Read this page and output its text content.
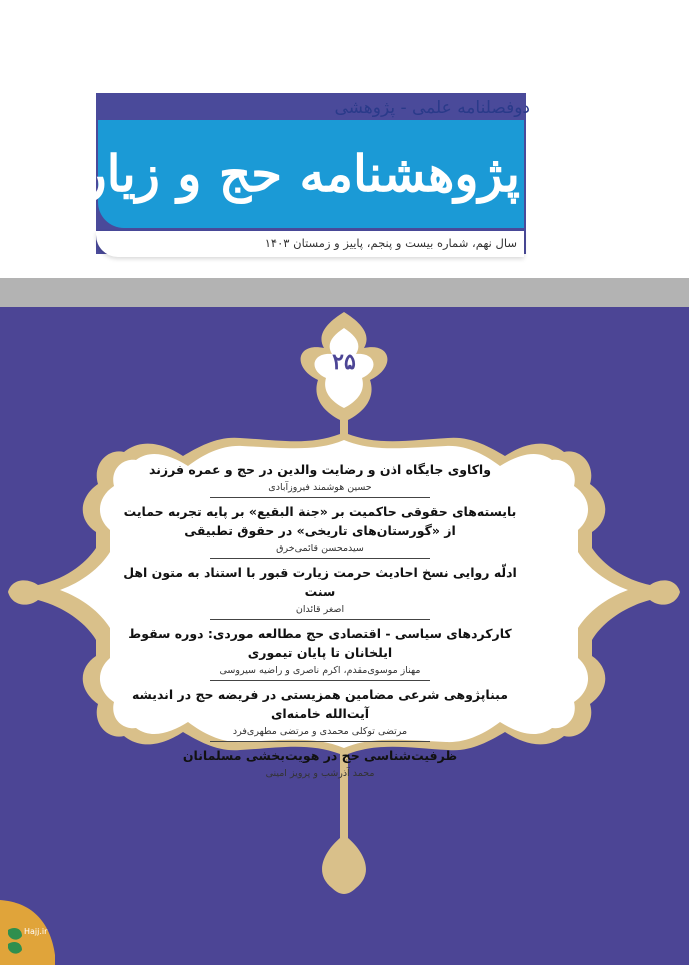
دوفصلنامه علمی - پژوهشی
پژوهشنامه حج و زیارت
سال نهم، شماره بیست و پنجم، پاییز و زمستان ۱۴۰۳
۲۵

واکاوی جایگاه اذن و رضایت والدین در حج و عمره فرزند

حسین هوشمند فیروزآبادی

بایسته‌های حقوقی حاکمیت بر «جنة البقیع» بر پایه تجربه حمایت از «گورستان‌های تاریخی» در حقوق تطبیقی

سیدمحسن قائمی‌خرق

ادلّه روایی نسخ احادیث حرمت زیارت قبور با استناد به متون اهل سنت

اصغر قائدان

کارکردهای سیاسی - اقتصادی حج مطالعه موردی: دوره سقوط ایلخانان تا پایان تیموری

مهناز موسوی‌مقدم، اکرم ناصری و راضیه سیروسی

مبناپژوهی شرعی مضامین همزیستی در فریضه حج در اندیشه آیت‌الله خامنه‌ای

مرتضی توکلی محمدی و مرتضی مطهری‌فرد

ظرفیت‌شناسی حج در هویت‌بخشی مسلمانان

محمد آذرشب و پرویز امینی

Hajj.ir
